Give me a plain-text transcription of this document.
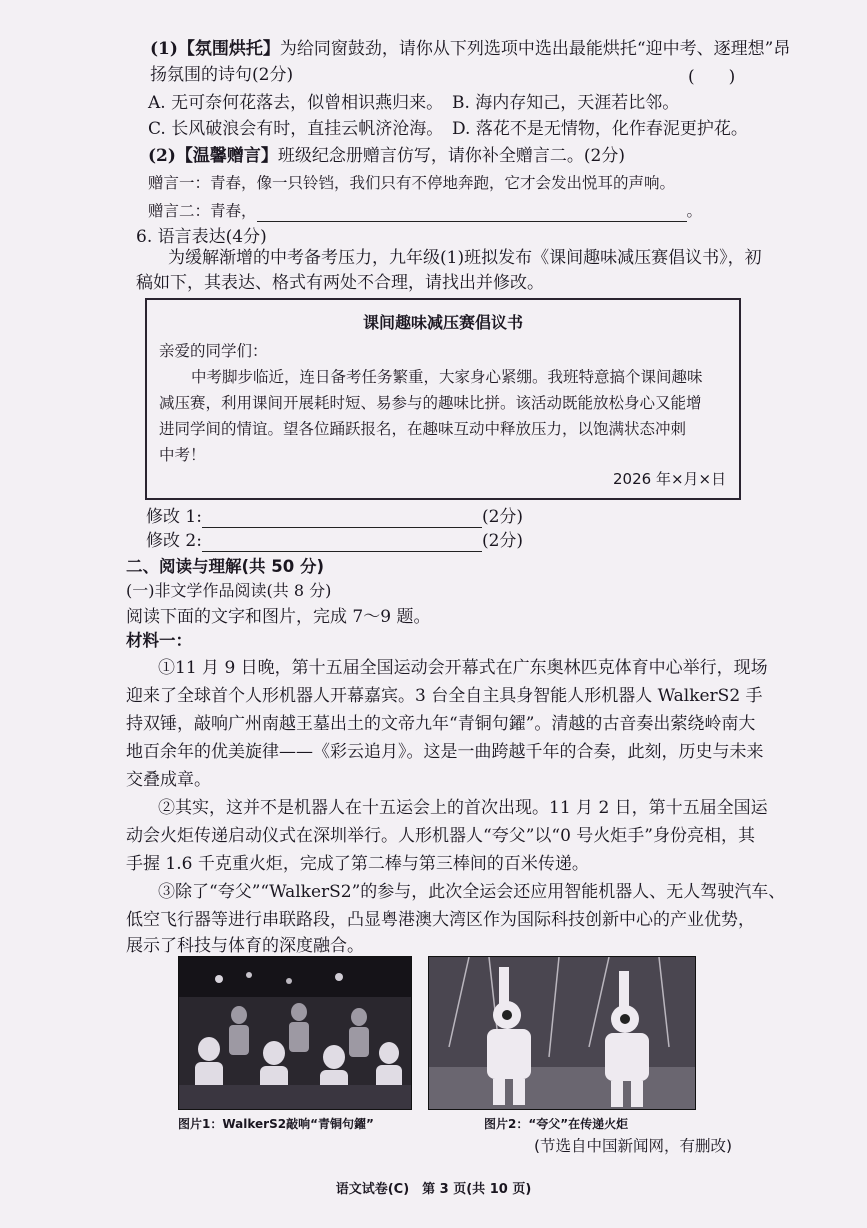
(1)【氛围烘托】为给同窗鼓劲，请你从下列选项中选出最能烘托“迎中考、逐理想”昂
扬氛围的诗句(2分)	(　　)
A. 无可奈何花落去，似曾相识燕归来。 B. 海内存知己，天涯若比邻。
C. 长风破浪会有时，直挂云帆济沧海。 D. 落花不是无情物，化作春泥更护花。
(2)【温馨赠言】班级纪念册赠言仿写，请你补全赠言二。(2分)
赠言一：青春，像一只铃铛，我们只有不停地奔跑，它才会发出悦耳的声响。
赠言二：青春，	。
6. 语言表达(4分)
为缓解渐增的中考备考压力，九年级(1)班拟发布《课间趣味减压赛倡议书》，初
稿如下，其表达、格式有两处不合理，请找出并修改。
课间趣味减压赛倡议书
亲爱的同学们：
中考脚步临近，连日备考任务繁重，大家身心紧绷。我班特意搞个课间趣味
减压赛，利用课间开展耗时短、易参与的趣味比拼。该活动既能放松身心又能增
进同学间的情谊。望各位踊跃报名，在趣味互动中释放压力，以饱满状态冲刺
中考！
2026 年×月×日
修改 1:	(2分)
修改 2:	(2分)
二、阅读与理解(共 50 分)
(一)非文学作品阅读(共 8 分)
阅读下面的文字和图片，完成 7～9 题。
材料一：
①11 月 9 日晚，第十五届全国运动会开幕式在广东奥林匹克体育中心举行，现场
迎来了全球首个人形机器人开幕嘉宾。3 台全自主具身智能人形机器人 WalkerS2 手
持双锤，敲响广州南越王墓出土的文帝九年“青铜句鑃”。清越的古音奏出萦绕岭南大
地百余年的优美旋律——《彩云追月》。这是一曲跨越千年的合奏，此刻，历史与未来
交叠成章。
②其实，这并不是机器人在十五运会上的首次出现。11 月 2 日，第十五届全国运
动会火炬传递启动仪式在深圳举行。人形机器人“夸父”以“0 号火炬手”身份亮相，其
手握 1.6 千克重火炬，完成了第二棒与第三棒间的百米传递。
③除了“夸父”“WalkerS2”的参与，此次全运会还应用智能机器人、无人驾驶汽车、
低空飞行器等进行串联路段，凸显粤港澳大湾区作为国际科技创新中心的产业优势，
展示了科技与体育的深度融合。
图片1：WalkerS2敲响“青铜句鑃”	图片2：“夸父”在传递火炬
(节选自中国新闻网，有删改)
语文试卷(C)　第 3 页(共 10 页)
